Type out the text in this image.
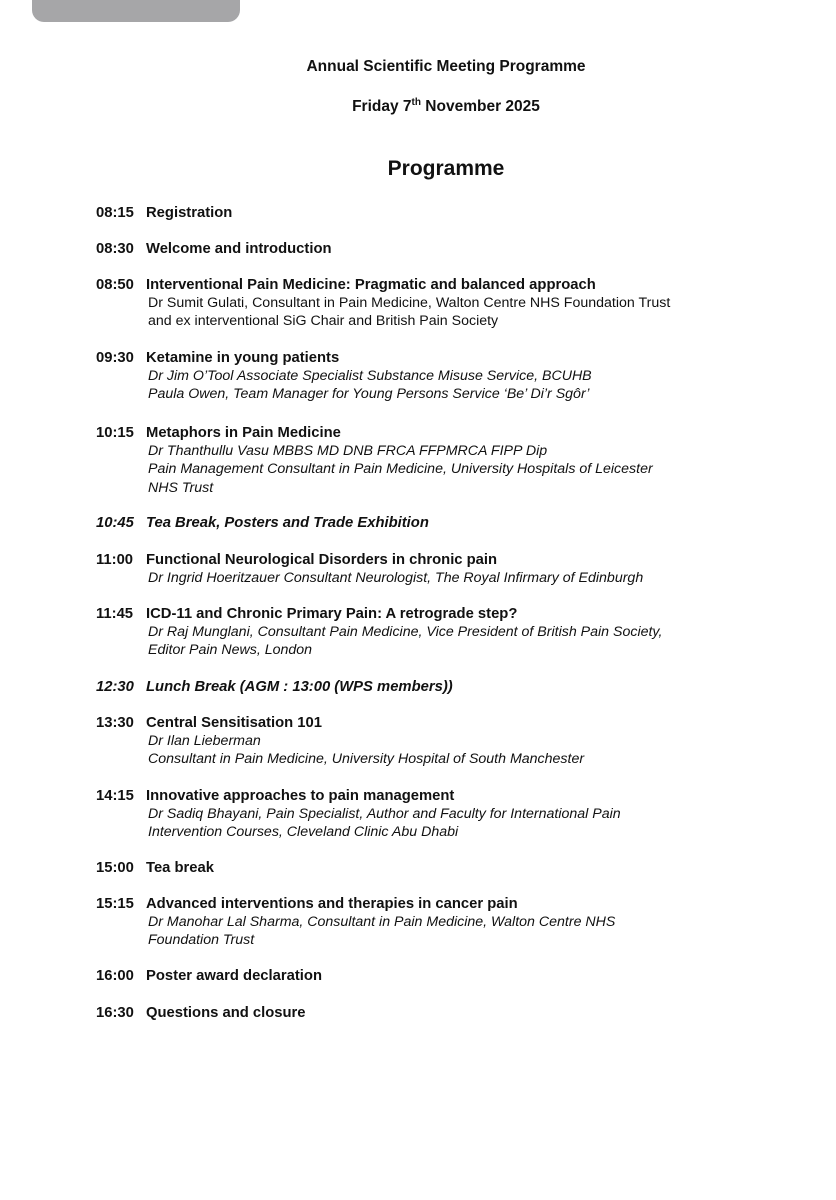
Annual Scientific Meeting Programme
Friday 7th November 2025
Programme
08:15 Registration
08:30 Welcome and introduction
08:50 Interventional Pain Medicine: Pragmatic and balanced approach
Dr Sumit Gulati, Consultant in Pain Medicine, Walton Centre NHS Foundation Trust
and ex interventional SiG Chair and British Pain Society
09:30 Ketamine in young patients
Dr Jim O’Tool Associate Specialist Substance Misuse Service, BCUHB
Paula Owen, Team Manager for Young Persons Service ‘Be’ Di’r Sgôr’
10:15 Metaphors in Pain Medicine
Dr Thanthullu Vasu MBBS MD DNB FRCA FFPMRCA FIPP Dip
Pain Management Consultant in Pain Medicine, University Hospitals of Leicester
NHS Trust
10:45 Tea Break, Posters and Trade Exhibition
11:00 Functional Neurological Disorders in chronic pain
Dr Ingrid Hoeritzauer Consultant Neurologist, The Royal Infirmary of Edinburgh
11:45 ICD-11 and Chronic Primary Pain: A retrograde step?
Dr Raj Munglani, Consultant Pain Medicine, Vice President of British Pain Society,
Editor Pain News, London
12:30 Lunch Break (AGM : 13:00 (WPS members))
13:30 Central Sensitisation 101
Dr Ilan Lieberman
Consultant in Pain Medicine, University Hospital of South Manchester
14:15 Innovative approaches to pain management
Dr Sadiq Bhayani, Pain Specialist, Author and Faculty for International Pain
Intervention Courses, Cleveland Clinic Abu Dhabi
15:00 Tea break
15:15 Advanced interventions and therapies in cancer pain
Dr Manohar Lal Sharma, Consultant in Pain Medicine, Walton Centre NHS
Foundation Trust
16:00 Poster award declaration
16:30 Questions and closure
